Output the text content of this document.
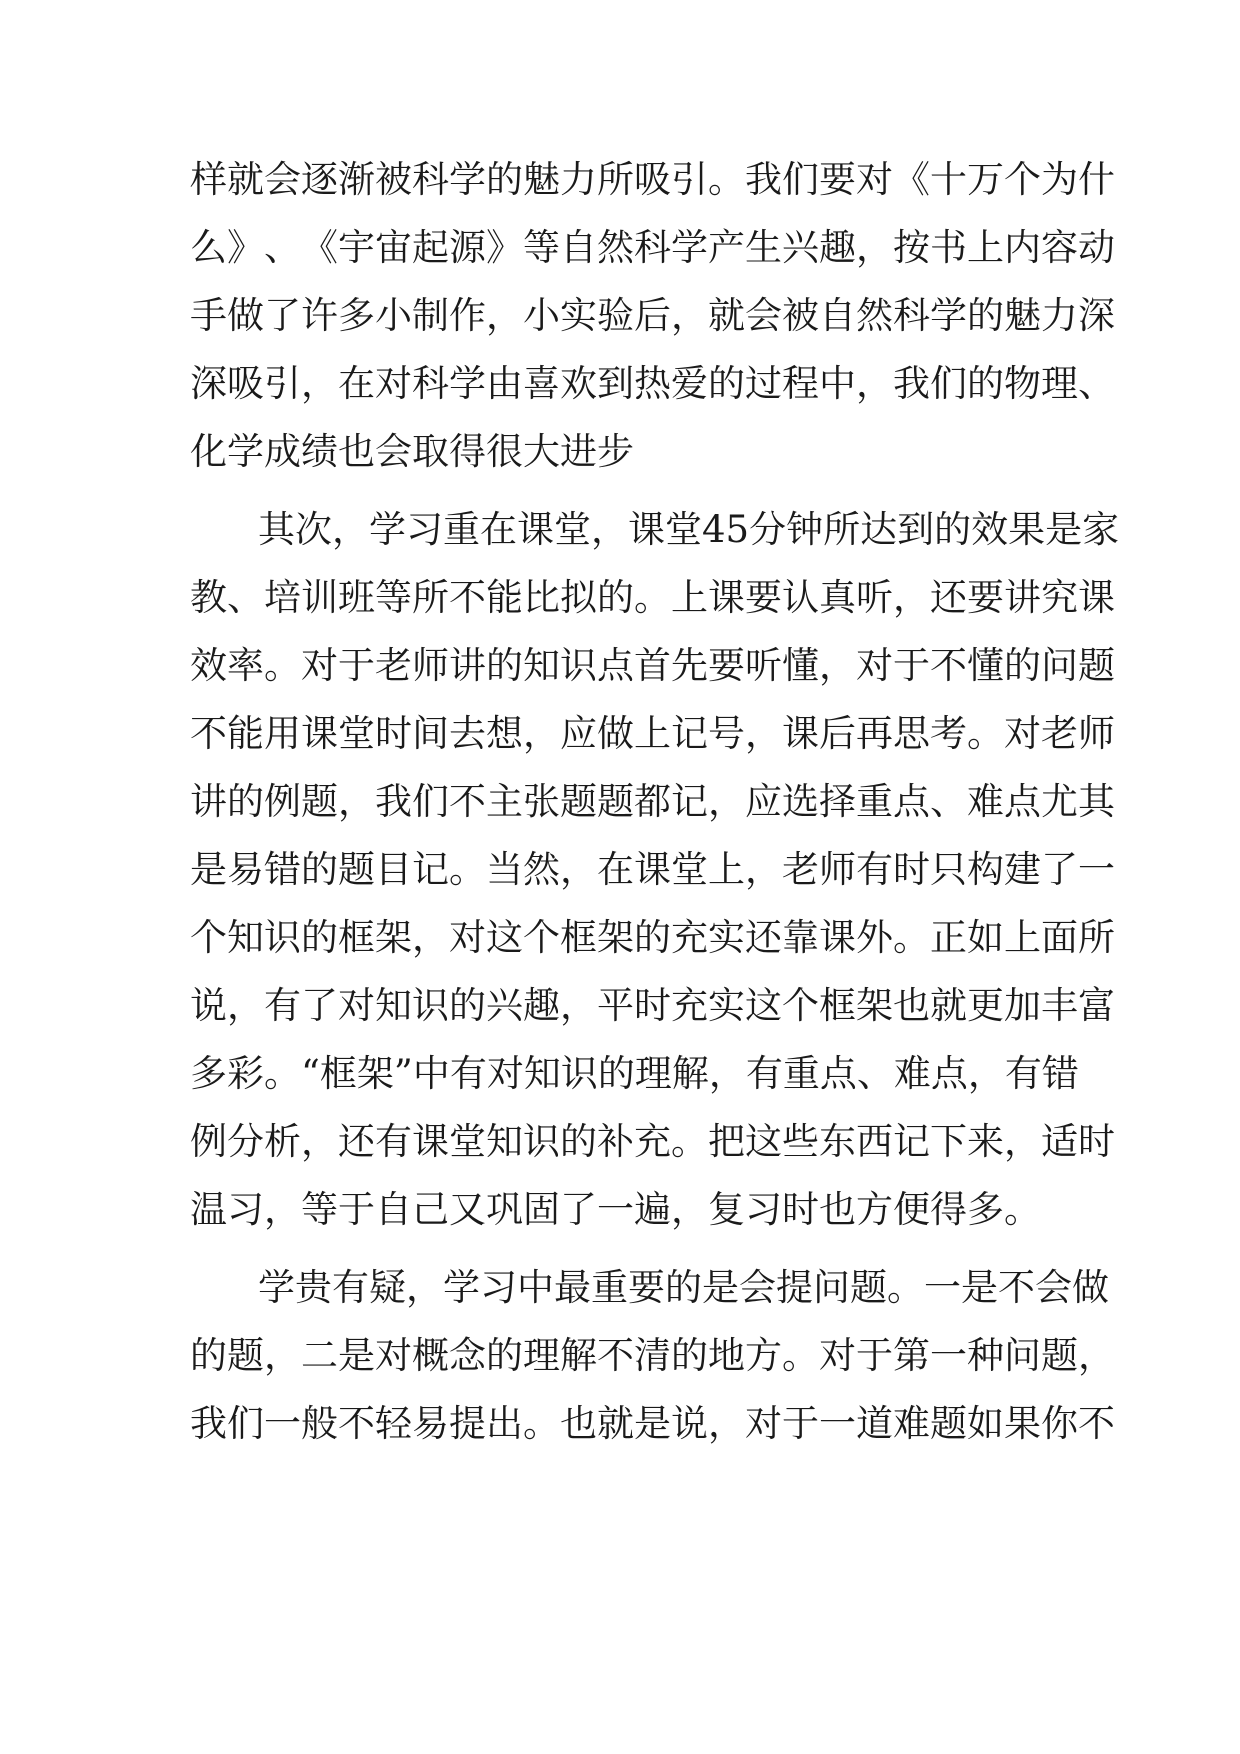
样 就 会 逐 渐 被 科 学 的 魅 力 所 吸 引 。 我 们 要 对 《 十 万 个 为 什
么 》 、 《 宇 宙 起 源 》 等 自 然 科 学 产 生 兴 趣 ， 按 书 上 内 容 动
手 做 了 许 多 小 制 作 ， 小 实 验 后 ， 就 会 被 自 然 科 学 的 魅 力 深
深 吸 引 ， 在 对 科 学 由 喜 欢 到 热 爱 的 过 程 中 ， 我 们 的 物 理 、
化学成绩也会取得很大进步
其 次 ， 学 习 重 在 课 堂 ， 课 堂 4 5 分 钟 所 达 到 的 效 果 是 家
教 、 培 训 班 等 所 不 能 比 拟 的 。 上 课 要 认 真 听 ， 还 要 讲 究 课
效 率 。 对 于 老 师 讲 的 知 识 点 首 先 要 听 懂 ， 对 于 不 懂 的 问 题
不 能 用 课 堂 时 间 去 想 ， 应 做 上 记 号 ， 课 后 再 思 考 。 对 老 师
讲 的 例 题 ， 我 们 不 主 张 题 题 都 记 ， 应 选 择 重 点 、 难 点 尤 其
是 易 错 的 题 目 记 。 当 然 ， 在 课 堂 上 ， 老 师 有 时 只 构 建 了 一
个 知 识 的 框 架 ， 对 这 个 框 架 的 充 实 还 靠 课 外 。 正 如 上 面 所
说 ， 有 了 对 知 识 的 兴 趣 ， 平 时 充 实 这 个 框 架 也 就 更 加 丰 富
多 彩 。 “ 框 架 ” 中 有 对 知 识 的 理 解 ， 有 重 点 、 难 点 ， 有 错
例 分 析 ， 还 有 课 堂 知 识 的 补 充 。 把 这 些 东 西 记 下 来 ， 适 时
温习，等于自己又巩固了一遍，复习时也方便得多。
学 贵 有 疑 ， 学 习 中 最 重 要 的 是 会 提 问 题 。 一 是 不 会 做
的 题 ， 二 是 对 概 念 的 理 解 不 清 的 地 方 。 对 于 第 一 种 问 题 ，
我 们 一 般 不 轻 易 提 出 。 也 就 是 说 ， 对 于 一 道 难 题 如 果 你 不
